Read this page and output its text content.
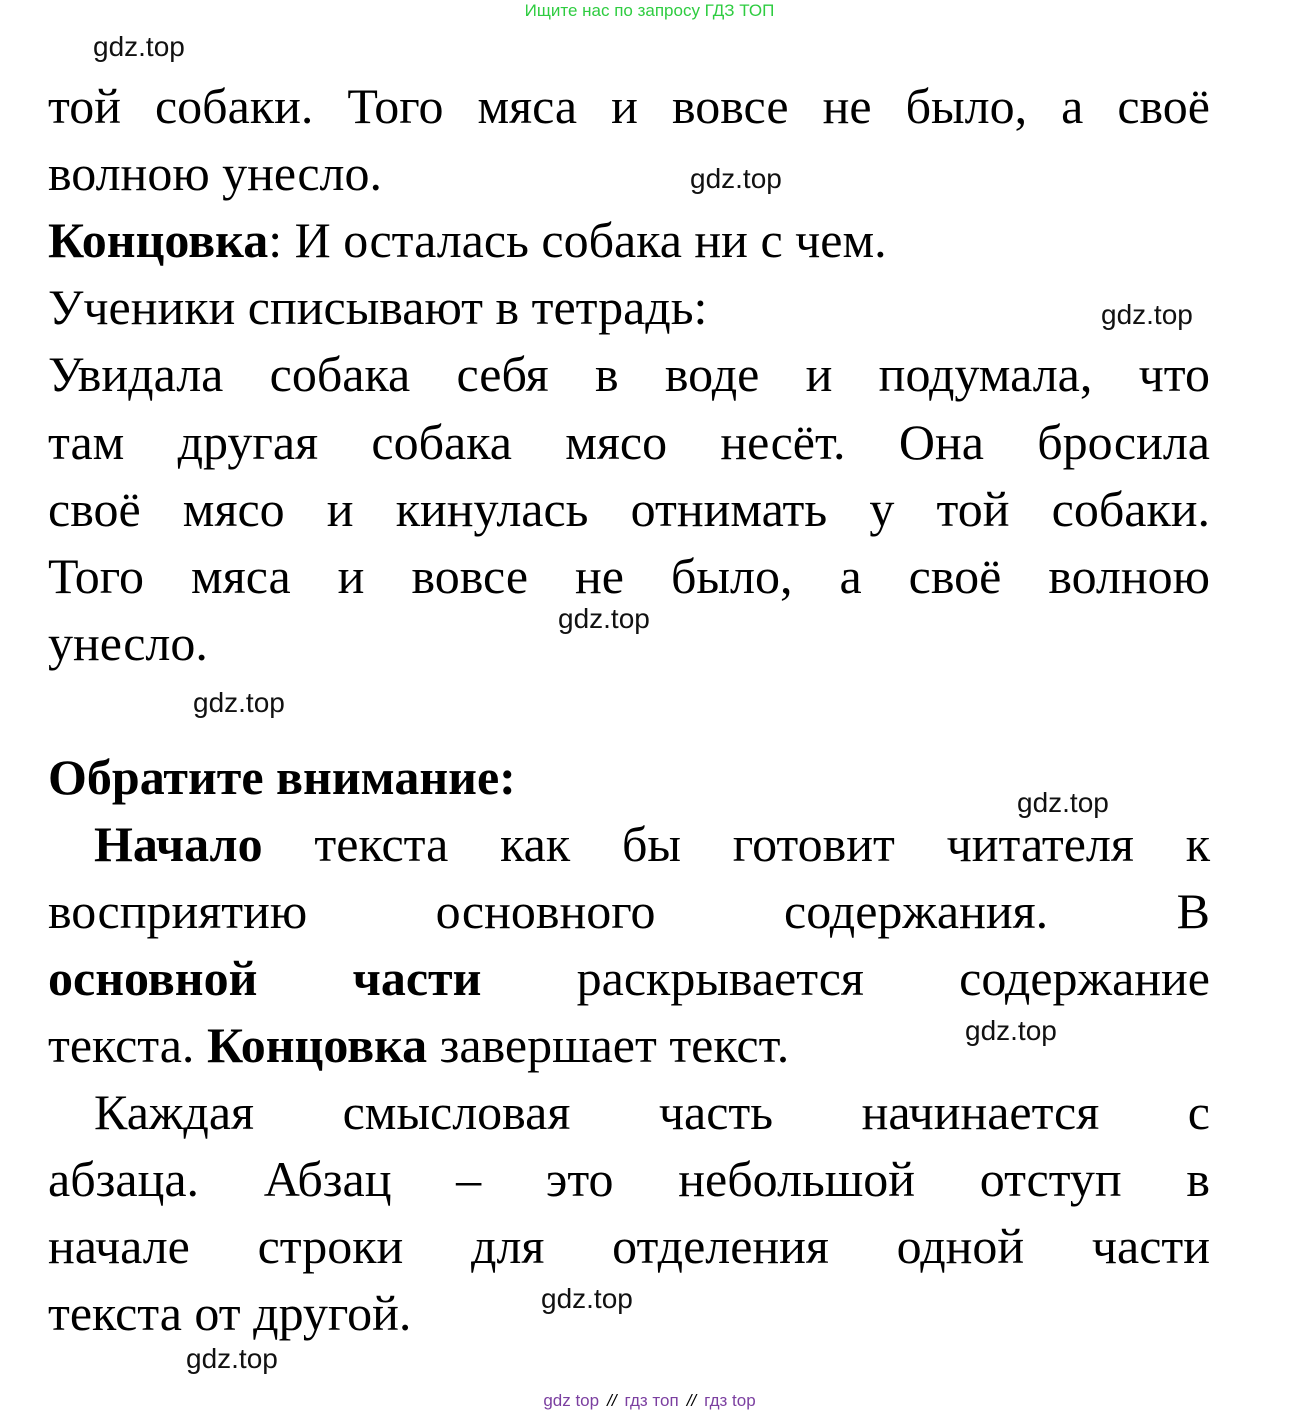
Ищите нас по запросу ГДЗ ТОП
gdz.top
gdz.top
gdz.top
gdz.top
gdz.top
gdz.top
gdz.top
gdz.top
gdz.top
той собаки. Того мяса и вовсе не было, а своё
волною унесло.
Концовка: И осталась собака ни с чем.
Ученики списывают в тетрадь:
Увидала собака себя в воде и подумала, что
там другая собака мясо несёт. Она бросила
своё мясо и кинулась отнимать у той собаки.
Того мяса и вовсе не было, а своё волною
унесло.
Обратите внимание:
Начало текста как бы готовит читателя к
восприятию основного содержания. В
основной части раскрывается содержание
текста. Концовка завершает текст.
Каждая смысловая часть начинается с
абзаца. Абзац – это небольшой отступ в
начале строки для отделения одной части
текста от другой.
gdz top // гдз топ // гдз top
